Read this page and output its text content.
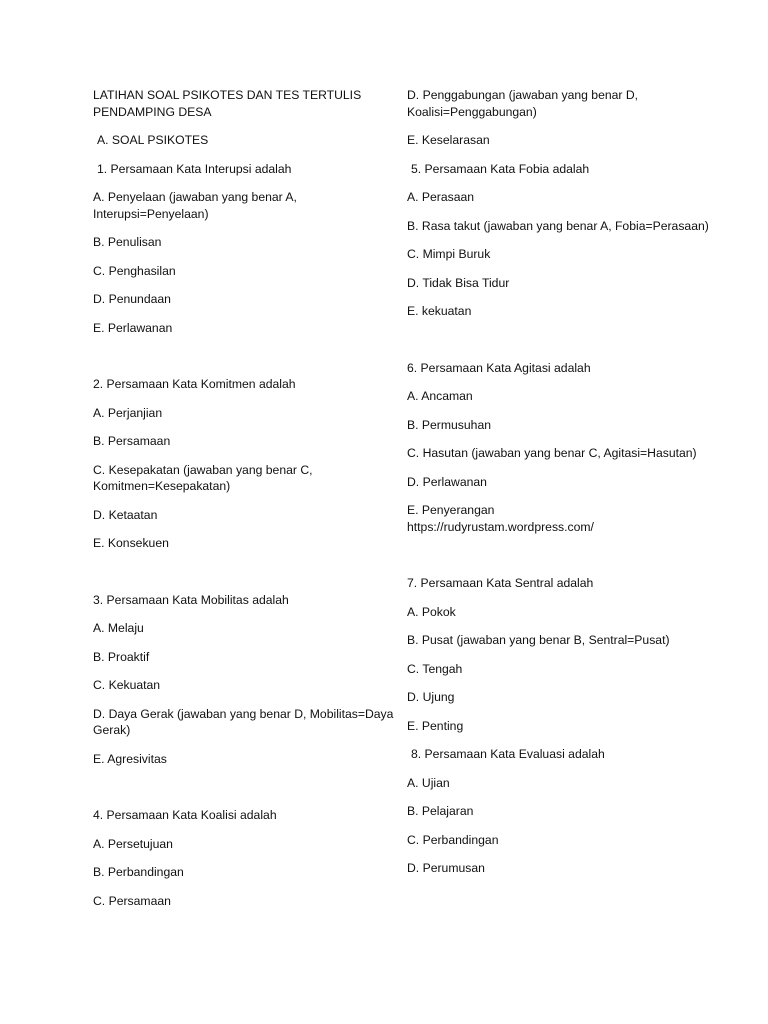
LATIHAN SOAL PSIKOTES DAN TES TERTULIS

PENDAMPING DESA

A. SOAL PSIKOTES

1. Persamaan Kata Interupsi adalah

A. Penyelaan (jawaban yang benar A, Interupsi=Penyelaan)

B. Penulisan

C. Penghasilan

D. Penundaan

E. Perlawanan

2. Persamaan Kata Komitmen adalah

A. Perjanjian

B. Persamaan

C. Kesepakatan (jawaban yang benar C, Komitmen=Kesepakatan)

D. Ketaatan

E. Konsekuen

3. Persamaan Kata Mobilitas adalah

A. Melaju

B. Proaktif

C. Kekuatan

D. Daya Gerak (jawaban yang benar D, Mobilitas=Daya Gerak)

E. Agresivitas

4. Persamaan Kata Koalisi adalah

A. Persetujuan

B. Perbandingan

C. Persamaan

D. Penggabungan (jawaban yang benar D, Koalisi=Penggabungan)

E. Keselarasan

5. Persamaan Kata Fobia adalah

A. Perasaan

B. Rasa takut (jawaban yang benar A, Fobia=Perasaan)

C. Mimpi Buruk

D. Tidak Bisa Tidur

E. kekuatan

6. Persamaan Kata Agitasi adalah

A. Ancaman

B. Permusuhan

C. Hasutan (jawaban yang benar C, Agitasi=Hasutan)

D. Perlawanan

E. Penyerangan

https://rudyrustam.wordpress.com/

7. Persamaan Kata Sentral adalah

A. Pokok

B. Pusat (jawaban yang benar B, Sentral=Pusat)

C. Tengah

D. Ujung

E. Penting

8. Persamaan Kata Evaluasi adalah

A. Ujian

B. Pelajaran

C. Perbandingan

D. Perumusan
